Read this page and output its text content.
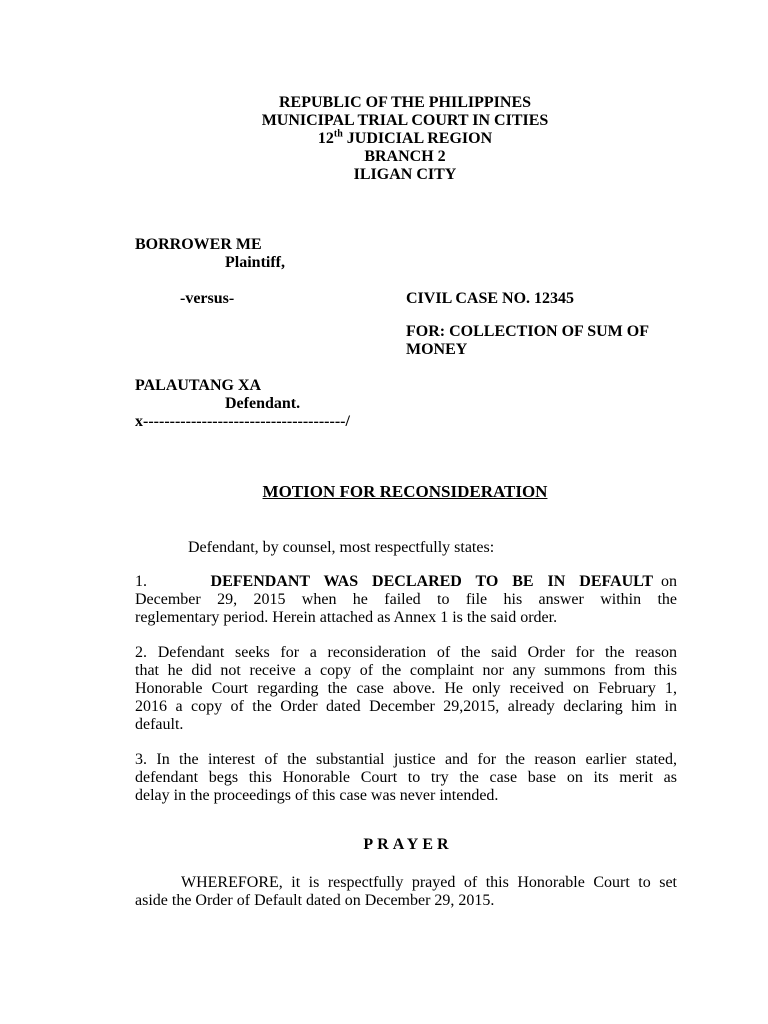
REPUBLIC OF THE PHILIPPINES
MUNICIPAL TRIAL COURT IN CITIES
12th JUDICIAL REGION
BRANCH 2
ILIGAN CITY
BORROWER ME
Plaintiff,
-versus-	CIVIL CASE NO. 12345
FOR: COLLECTION OF SUM OF
MONEY
PALAUTANG XA
Defendant.
x--------------------------------------/
MOTION FOR RECONSIDERATION
Defendant, by counsel, most respectfully states:
1.	DEFENDANT WAS DECLARED TO BE IN DEFAULT on
December 29, 2015 when he failed to file his answer within the
reglementary period. Herein attached as Annex 1 is the said order.
2. Defendant seeks for a reconsideration of the said Order for the reason
that he did not receive a copy of the complaint nor any summons from this
Honorable Court regarding the case above. He only received on February 1,
2016 a copy of the Order dated December 29,2015, already declaring him in
default.
3. In the interest of the substantial justice and for the reason earlier stated,
defendant begs this Honorable Court to try the case base on its merit as
delay in the proceedings of this case was never intended.
PRAYER
WHEREFORE, it is respectfully prayed of this Honorable Court to set
aside the Order of Default dated on December 29, 2015.
